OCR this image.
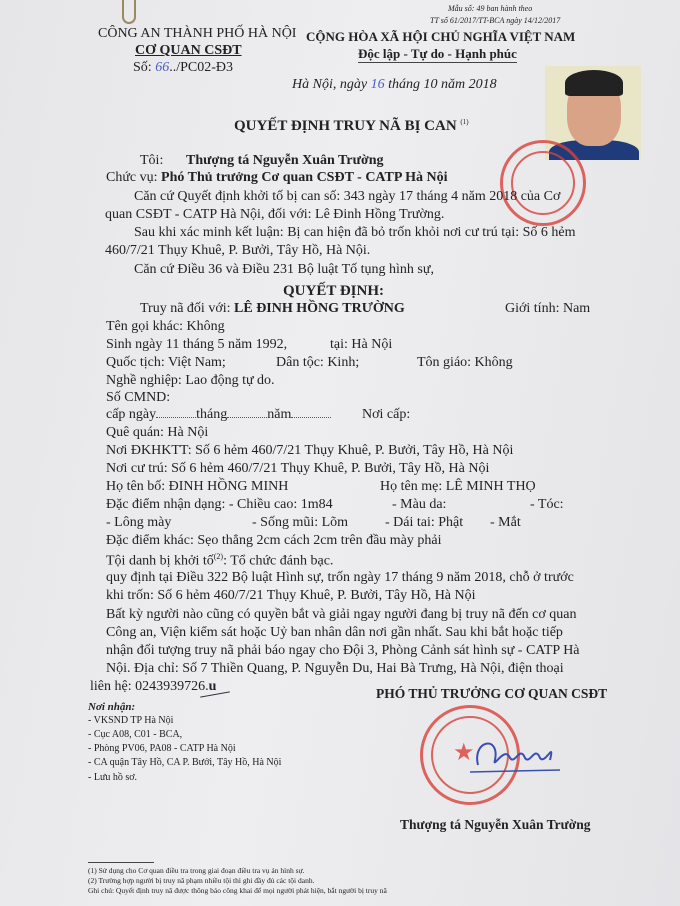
CÔNG AN THÀNH PHỐ HÀ NỘI
CƠ QUAN CSĐT
Số: 66../PC02-Đ3
Mẫu số: 49 ban hành theo
TT số 61/2017/TT-BCA ngày 14/12/2017
CỘNG HÒA XÃ HỘI CHỦ NGHĨA VIỆT NAM
Độc lập - Tự do - Hạnh phúc
Hà Nội, ngày 16 tháng 10 năm 2018
QUYẾT ĐỊNH TRUY NÃ BỊ CAN $^{(1)}$
Tôi: Thượng tá Nguyễn Xuân Trường
Chức vụ: Phó Thủ trưởng Cơ quan CSĐT - CATP Hà Nội
Căn cứ Quyết định khởi tố bị can số: 343 ngày 17 tháng 4 năm 2018 của Cơ
quan CSĐT - CATP Hà Nội, đối với: Lê Đinh Hồng Trường.
Sau khi xác minh kết luận: Bị can hiện đã bỏ trốn khỏi nơi cư trú tại: Số 6 hẻm
460/7/21 Thụy Khuê, P. Bưởi, Tây Hồ, Hà Nội.
Căn cứ Điều 36 và Điều 231 Bộ luật Tố tụng hình sự,
QUYẾT ĐỊNH:
Truy nã đối với: LÊ ĐINH HỒNG TRƯỜNG	Giới tính: Nam
Tên gọi khác: Không
Sinh ngày 11 tháng 5 năm 1992,	tại: Hà Nội
Quốc tịch: Việt Nam;	Dân tộc: Kinh;	Tôn giáo: Không
Nghề nghiệp: Lao động tự do.
Số CMND:
cấp ngày	tháng	năm	Nơi cấp:
Quê quán: Hà Nội
Nơi ĐKHKTT: Số 6 hẻm 460/7/21 Thụy Khuê, P. Bưởi, Tây Hồ, Hà Nội
Nơi cư trú: Số 6 hẻm 460/7/21 Thụy Khuê, P. Bưởi, Tây Hồ, Hà Nội
Họ tên bố: ĐINH HỒNG MINH	Họ tên mẹ: LÊ MINH THỌ
Đặc điểm nhận dạng: - Chiều cao: 1m84	- Màu da:	- Tóc:
- Lông mày	- Sống mũi: Lõm	- Dái tai: Phật - Mắt
Đặc điểm khác: Sẹo thẳng 2cm cách 2cm trên đầu mày phải
Tội danh bị khởi tố$^{(2)}$: Tổ chức đánh bạc.
quy định tại Điều 322 Bộ luật Hình sự, trốn ngày 17 tháng 9 năm 2018, chỗ ở trước
khi trốn: Số 6 hẻm 460/7/21 Thụy Khuê, P. Bưởi, Tây Hồ, Hà Nội
Bất kỳ người nào cũng có quyền bắt và giải ngay người đang bị truy nã đến cơ quan
Công an, Viện kiểm sát hoặc Uỷ ban nhân dân nơi gần nhất. Sau khi bắt hoặc tiếp
nhận đối tượng truy nã phải báo ngay cho Đội 3, Phòng Cảnh sát hình sự - CATP Hà
Nội. Địa chỉ: Số 7 Thiền Quang, P. Nguyễn Du, Hai Bà Trưng, Hà Nội, điện thoại
liên hệ: 0243939726.u
Nơi nhận:
- VKSND TP Hà Nội
- Cục A08, C01 - BCA,
- Phòng PV06, PA08 - CATP Hà Nội
- CA quận Tây Hồ, CA P. Bưởi, Tây Hồ, Hà Nội
- Lưu hồ sơ.
PHÓ THỦ TRƯỞNG CƠ QUAN CSĐT
★
Thượng tá Nguyễn Xuân Trường
(1) Sử dụng cho Cơ quan điều tra trong giai đoạn điều tra vụ án hình sự.
(2) Trường hợp người bị truy nã phạm nhiều tội thì ghi đầy đủ các tội danh.
Ghi chú: Quyết định truy nã được thông báo công khai để mọi người phát hiện, bắt người bị truy nã
